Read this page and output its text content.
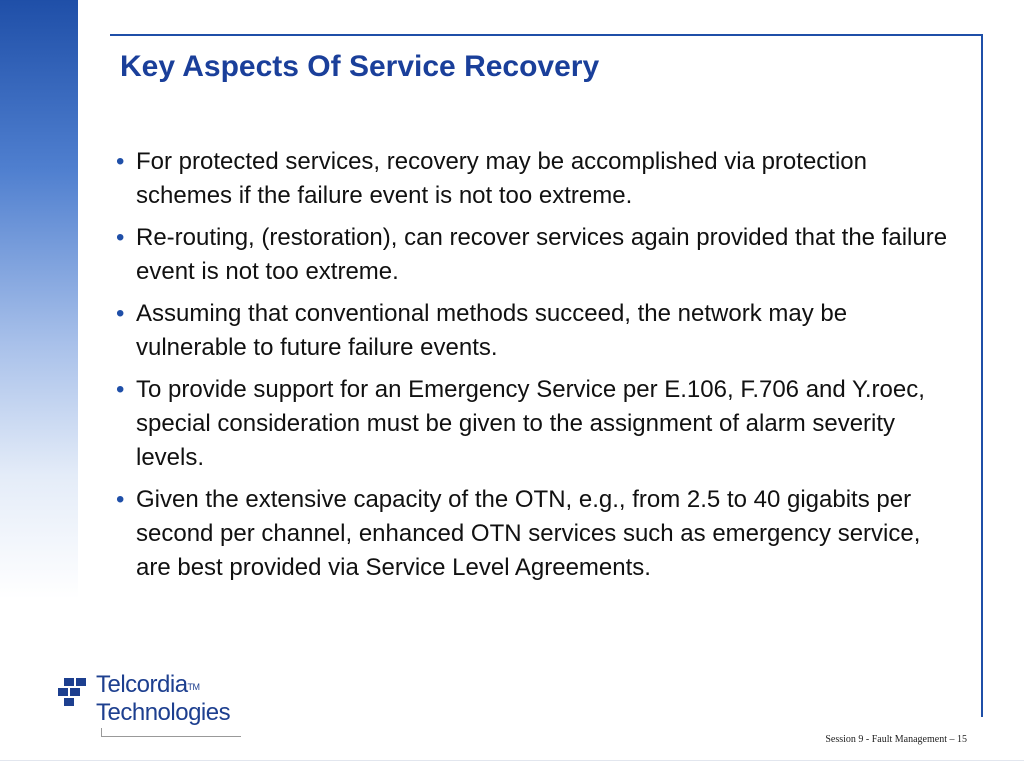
Key Aspects Of Service Recovery
• For protected services, recovery may be accomplished via protection schemes if the failure event is not too extreme.
• Re-routing, (restoration), can recover services again provided that the failure event is not too extreme.
• Assuming that conventional methods succeed, the network may be vulnerable to future failure events.
• To provide support for an Emergency Service per E.106, F.706 and Y.roec, special consideration must be given to the assignment of alarm severity levels.
• Given the extensive capacity of the OTN, e.g., from 2.5 to 40 gigabits per second per channel, enhanced OTN services such as emergency service, are best provided via Service Level Agreements.
TelcordiaTM
Technologies
Session 9 - Fault Management – 15
